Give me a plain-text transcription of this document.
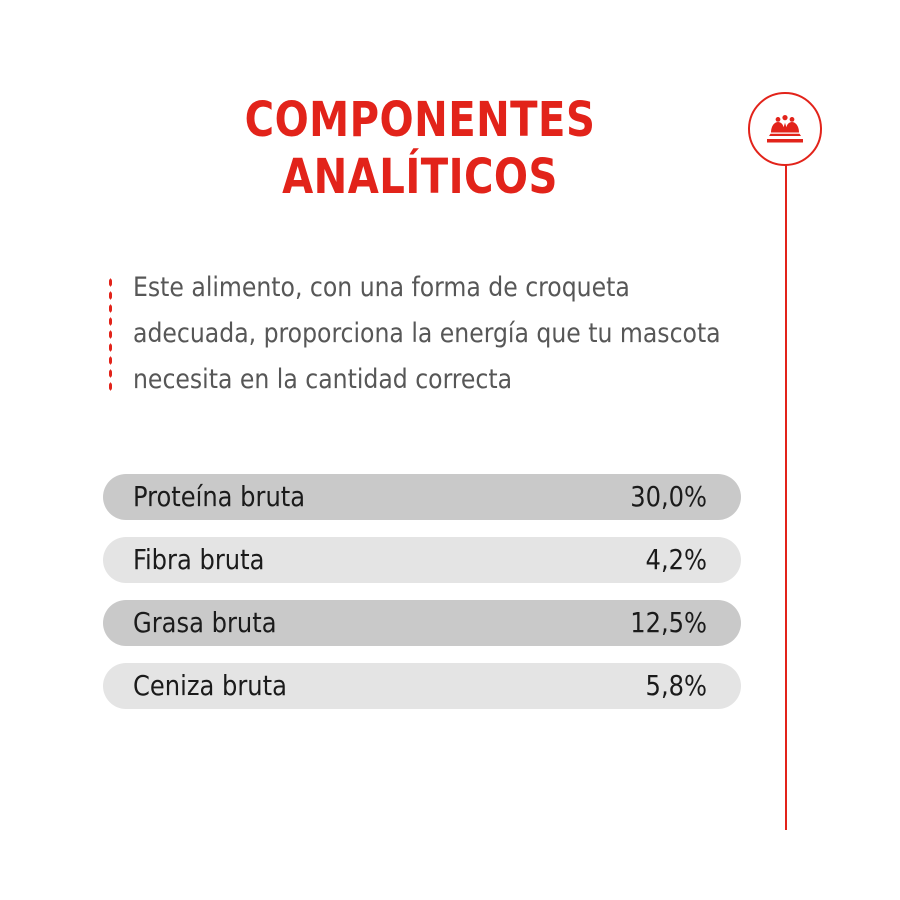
COMPONENTES
ANALÍTICOS
Este alimento, con una forma de croqueta adecuada, proporciona la energía que tu mascota necesita en la cantidad correcta
Proteína bruta	30,0%
Fibra bruta	4,2%
Grasa bruta	12,5%
Ceniza bruta	5,8%
